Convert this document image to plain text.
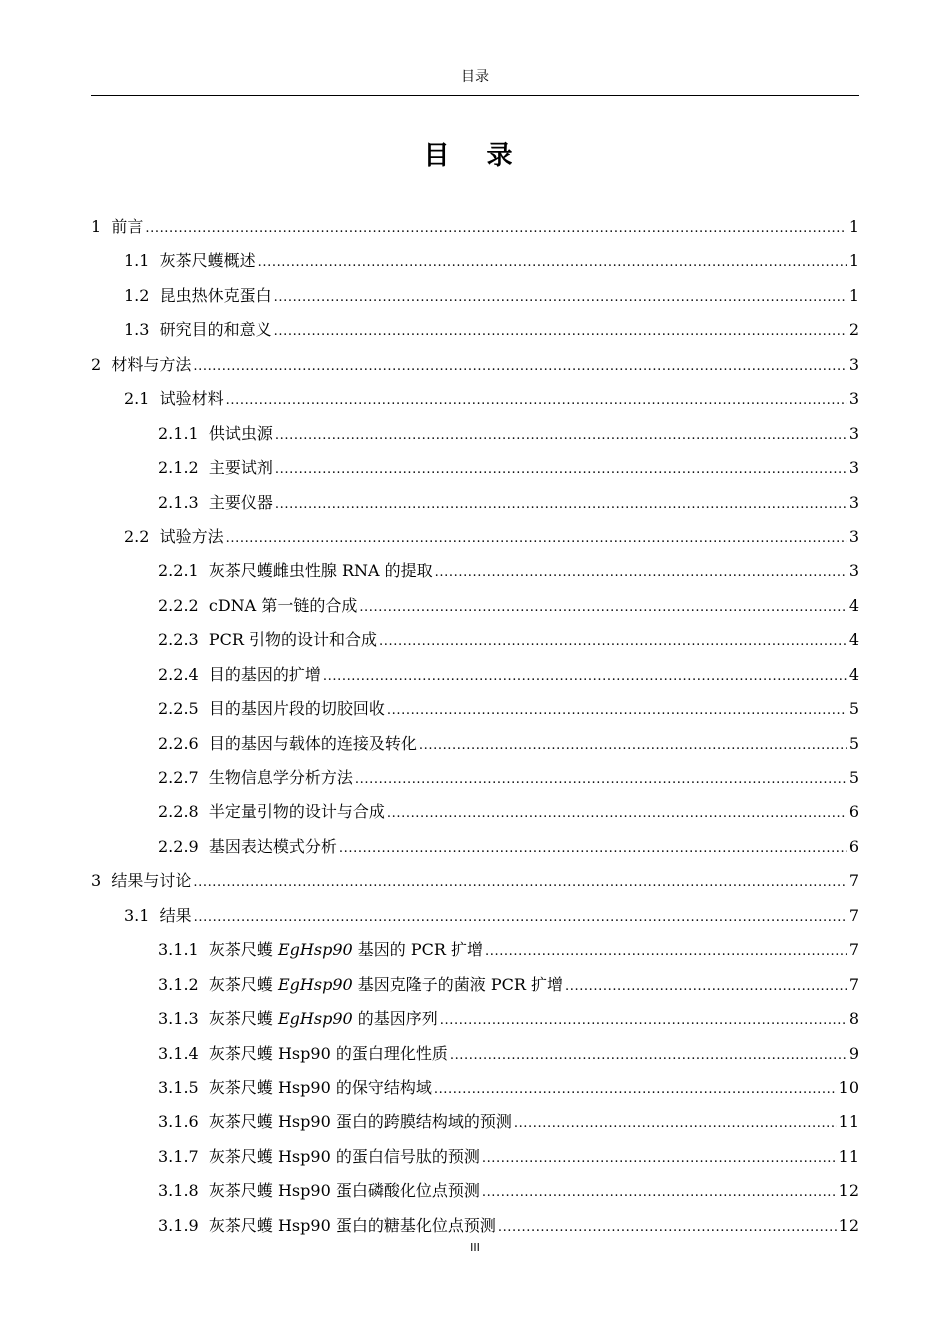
目录
目 录
1 前言 .....	1
1.1 灰茶尺蠖概述 .....	1
1.2 昆虫热休克蛋白 .....	1
1.3 研究目的和意义 .....	2
2 材料与方法 .....	3
2.1 试验材料 .....	3
2.1.1 供试虫源 .....	3
2.1.2 主要试剂 .....	3
2.1.3 主要仪器 .....	3
2.2 试验方法 .....	3
2.2.1 灰茶尺蠖雌虫性腺 RNA 的提取 .....	3
2.2.2 cDNA 第一链的合成 .....	4
2.2.3 PCR 引物的设计和合成 .....	4
2.2.4 目的基因的扩增 .....	4
2.2.5 目的基因片段的切胶回收 .....	5
2.2.6 目的基因与载体的连接及转化 .....	5
2.2.7 生物信息学分析方法 .....	5
2.2.8 半定量引物的设计与合成 .....	6
2.2.9 基因表达模式分析 .....	6
3 结果与讨论 .....	7
3.1 结果 .....	7
3.1.1 灰茶尺蠖 EgHsp90 基因的 PCR 扩增 .....	7
3.1.2 灰茶尺蠖 EgHsp90 基因克隆子的菌液 PCR 扩增 .....	7
3.1.3 灰茶尺蠖 EgHsp90 的基因序列 .....	8
3.1.4 灰茶尺蠖 Hsp90 的蛋白理化性质 .....	9
3.1.5 灰茶尺蠖 Hsp90 的保守结构域 .....	10
3.1.6 灰茶尺蠖 Hsp90 蛋白的跨膜结构域的预测 .....	11
3.1.7 灰茶尺蠖 Hsp90 的蛋白信号肽的预测 .....	11
3.1.8 灰茶尺蠖 Hsp90 蛋白磷酸化位点预测 .....	12
3.1.9 灰茶尺蠖 Hsp90 蛋白的糖基化位点预测 .....	12
III
